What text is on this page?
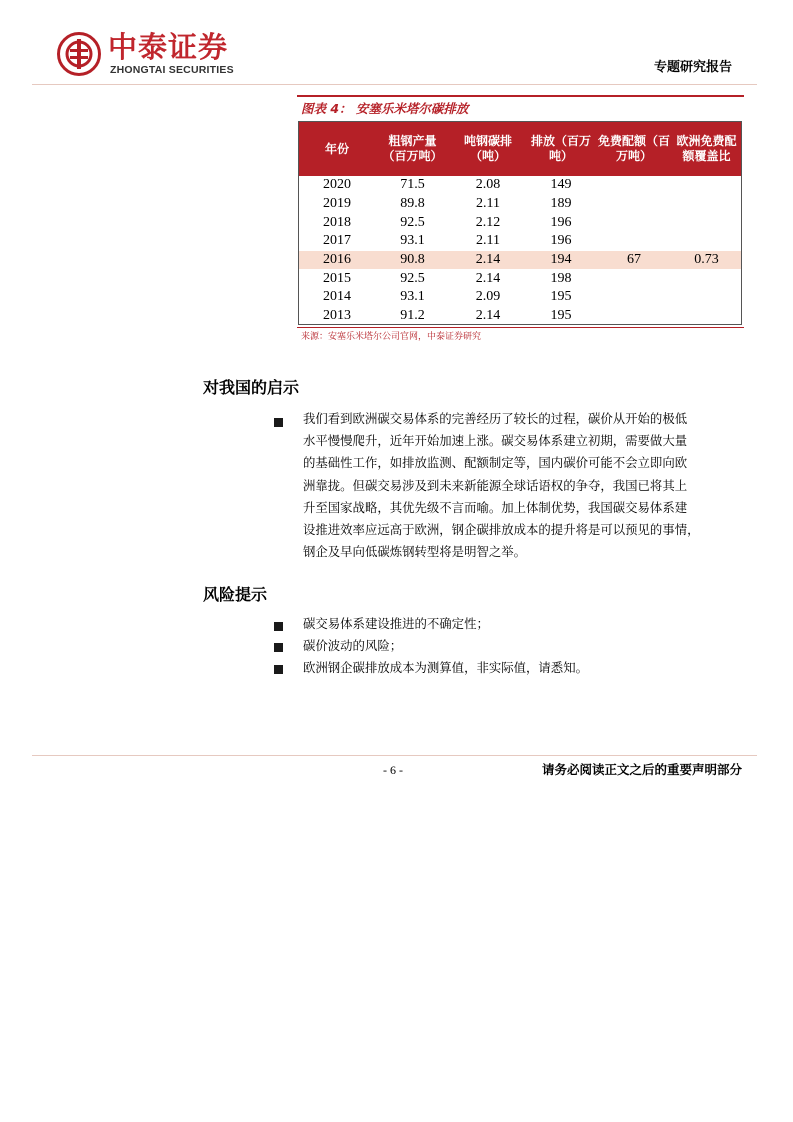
中泰证券
ZHONGTAI SECURITIES	专题研究报告
图表 4： 安塞乐米塔尔碳排放
年份	粗钢产量（百万吨）	吨钢碳排（吨）	排放（百万吨）	免费配额（百万吨）	欧洲免费配额覆盖比
2020	71.5	2.08	149		
2019	89.8	2.11	189		
2018	92.5	2.12	196		
2017	93.1	2.11	196		
2016	90.8	2.14	194	67	0.73
2015	92.5	2.14	198		
2014	93.1	2.09	195		
2013	91.2	2.14	195		
来源：安塞乐米塔尔公司官网，中泰证券研究
对我国的启示
我们看到欧洲碳交易体系的完善经历了较长的过程，碳价从开始的极低
水平慢慢爬升，近年开始加速上涨。碳交易体系建立初期，需要做大量
的基础性工作，如排放监测、配额制定等，国内碳价可能不会立即向欧
洲靠拢。但碳交易涉及到未来新能源全球话语权的争夺，我国已将其上
升至国家战略，其优先级不言而喻。加上体制优势，我国碳交易体系建
设推进效率应远高于欧洲，钢企碳排放成本的提升将是可以预见的事情，
钢企及早向低碳炼钢转型将是明智之举。
风险提示
碳交易体系建设推进的不确定性；
碳价波动的风险；
欧洲钢企碳排放成本为测算值，非实际值，请悉知。
- 6 -	请务必阅读正文之后的重要声明部分
